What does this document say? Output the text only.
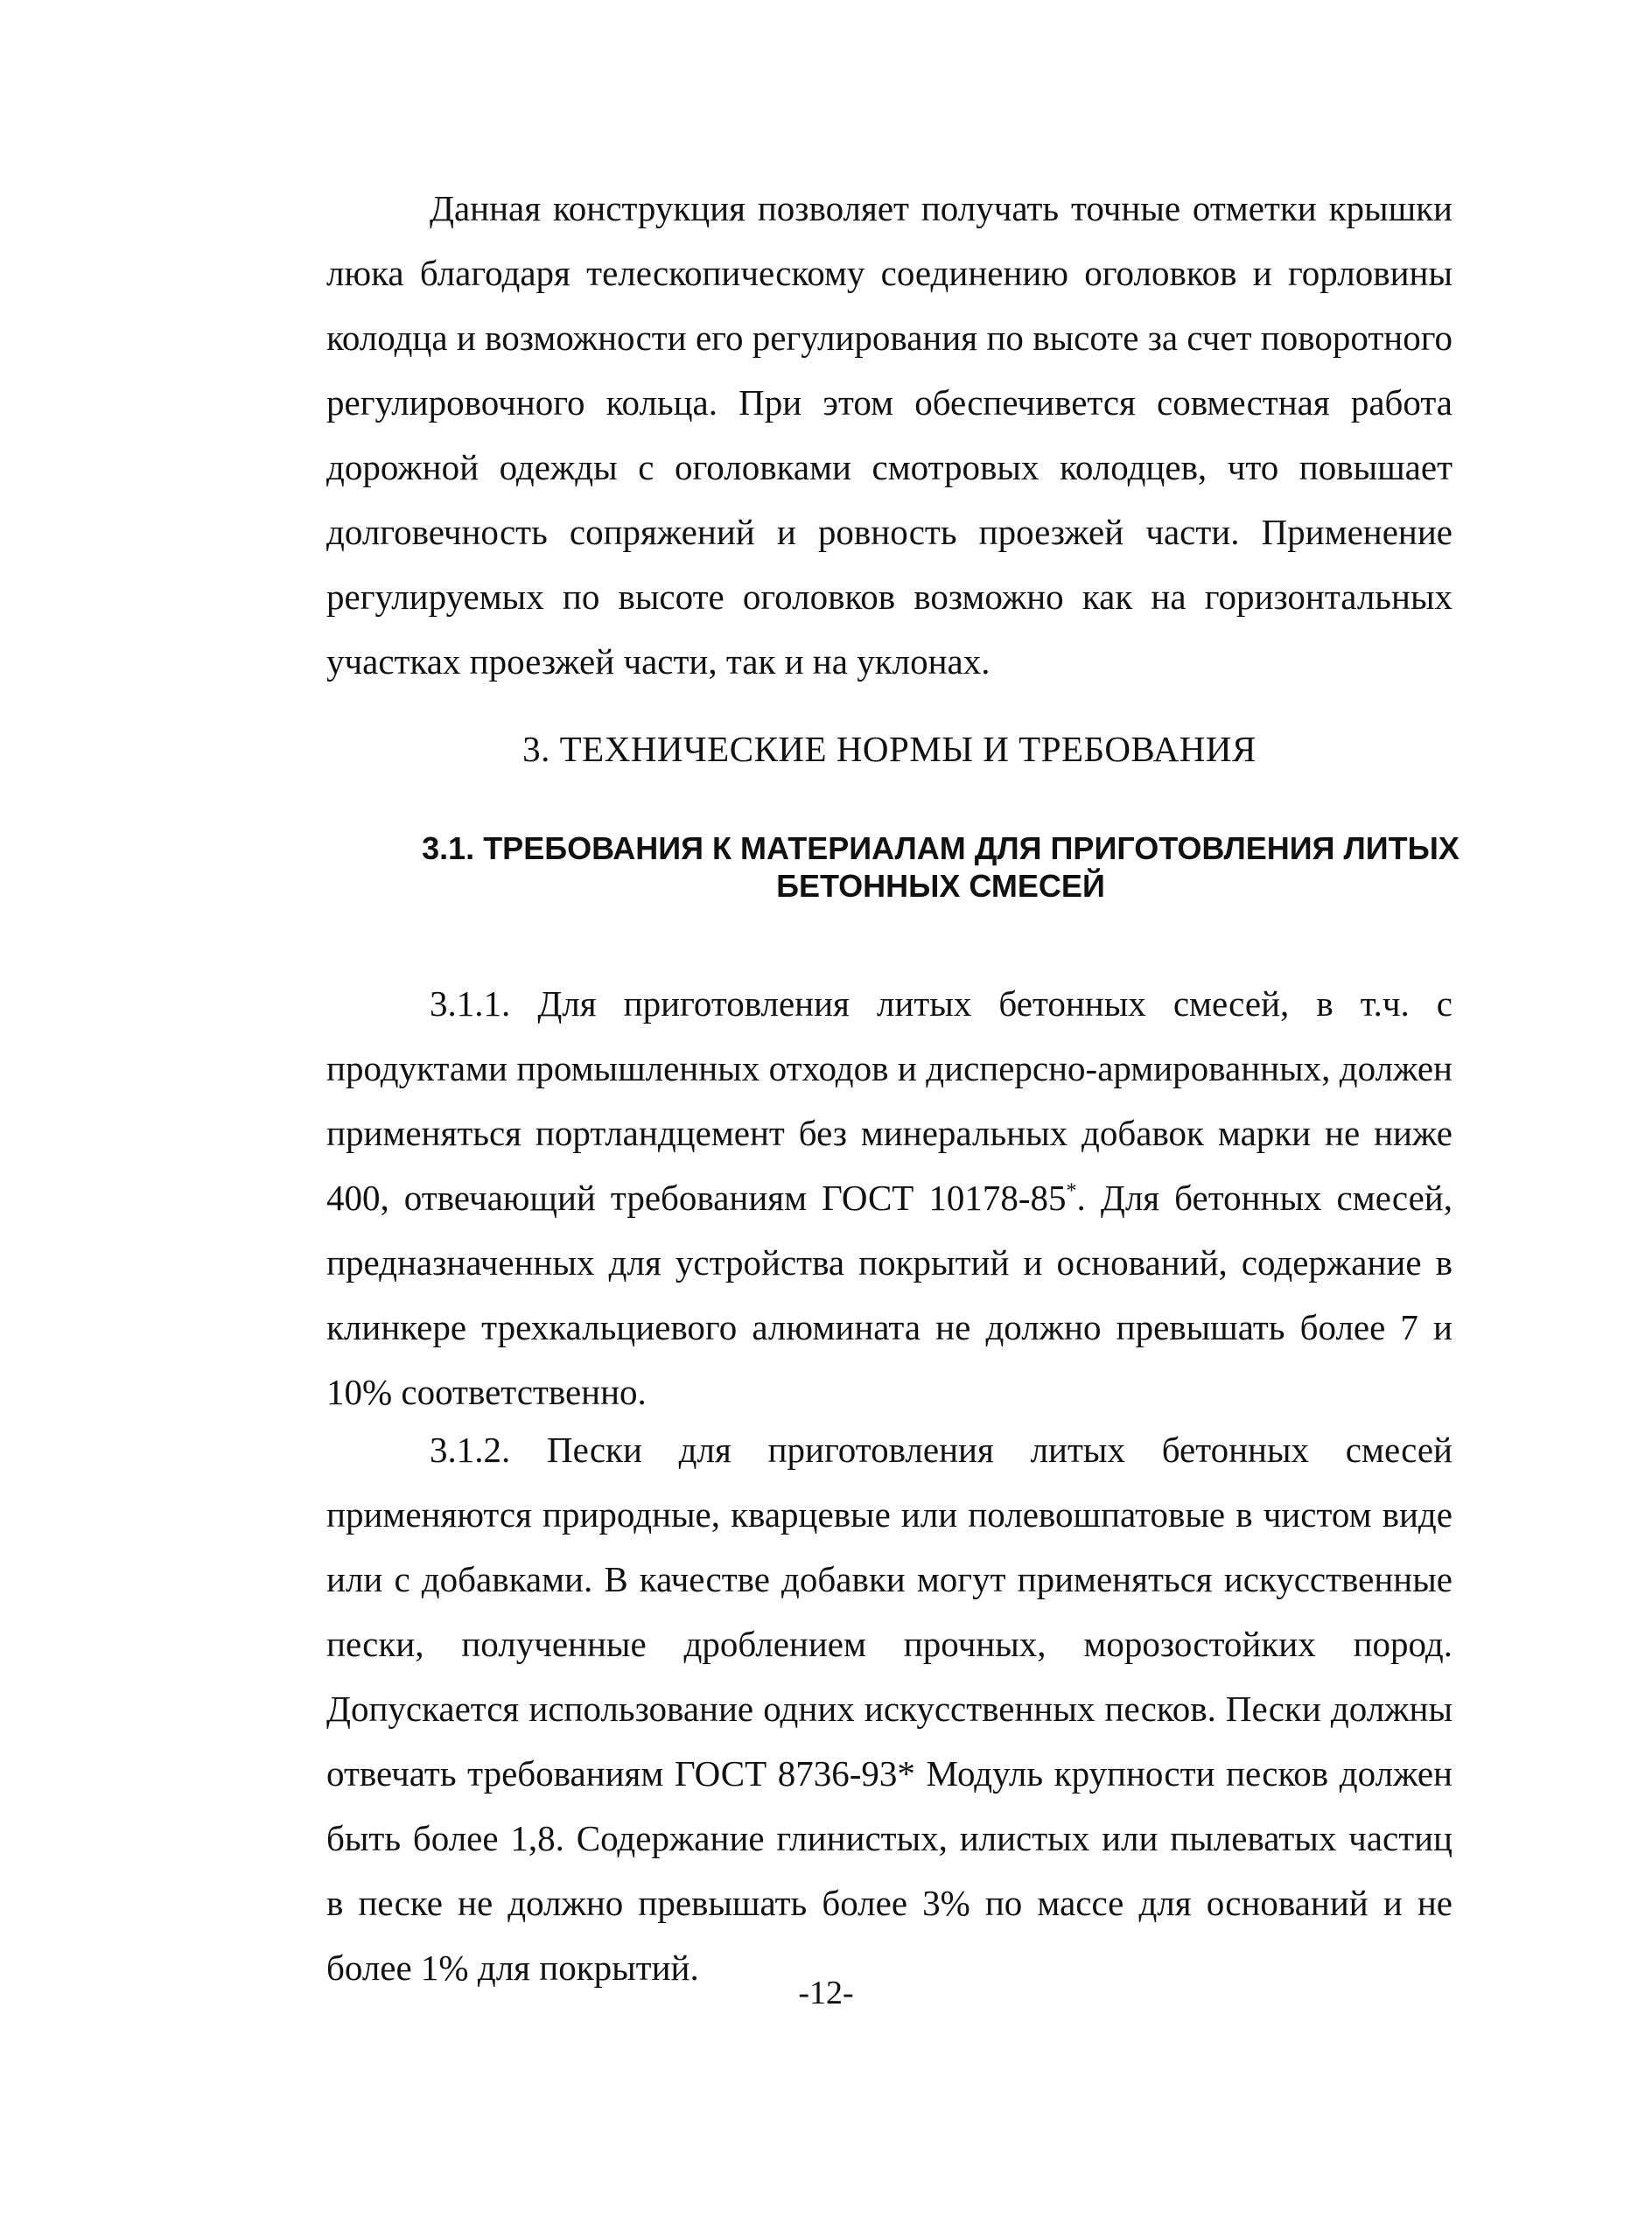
Данная конструкция позволяет получать точные отметки крышки люка благодаря телескопическому соединению оголовков и горловины колодца и возможности его регулирования по высоте за счет поворотного регулировочного кольца. При этом обеспечивется совместная работа дорожной одежды с оголовками смотровых колодцев, что повышает долговечность сопряжений и ровность проезжей части. Применение регулируемых по высоте оголовков возможно как на горизонтальных участках проезжей части, так и на уклонах.

3. ТЕХНИЧЕСКИЕ НОРМЫ И ТРЕБОВАНИЯ
3.1. ТРЕБОВАНИЯ К МАТЕРИАЛАМ ДЛЯ ПРИГОТОВЛЕНИЯ ЛИТЫХ
БЕТОННЫХ СМЕСЕЙ

3.1.1. Для приготовления литых бетонных смесей, в т.ч. с продуктами промышленных отходов и дисперсно-армированных, должен применяться портландцемент без минеральных добавок марки не ниже 400, отвечающий требованиям ГОСТ 10178-85*. Для бетонных смесей, предназначенных для устройства покрытий и оснований, содержание в клинкере трехкальциевого алюмината не должно превышать более 7 и 10% соответственно.

3.1.2. Пески для приготовления литых бетонных смесей применяются природные, кварцевые или полевошпатовые в чистом виде или с добавками. В качестве добавки могут применяться искусственные пески, полученные дроблением прочных, морозостойких пород. Допускается использование одних искусственных песков. Пески должны отвечать требованиям ГОСТ 8736-93* Модуль крупности песков должен быть более 1,8. Содержание глинистых, илистых или пылеватых частиц в песке не должно превышать более 3% по массе для оснований и не более 1% для покрытий.

-12-
